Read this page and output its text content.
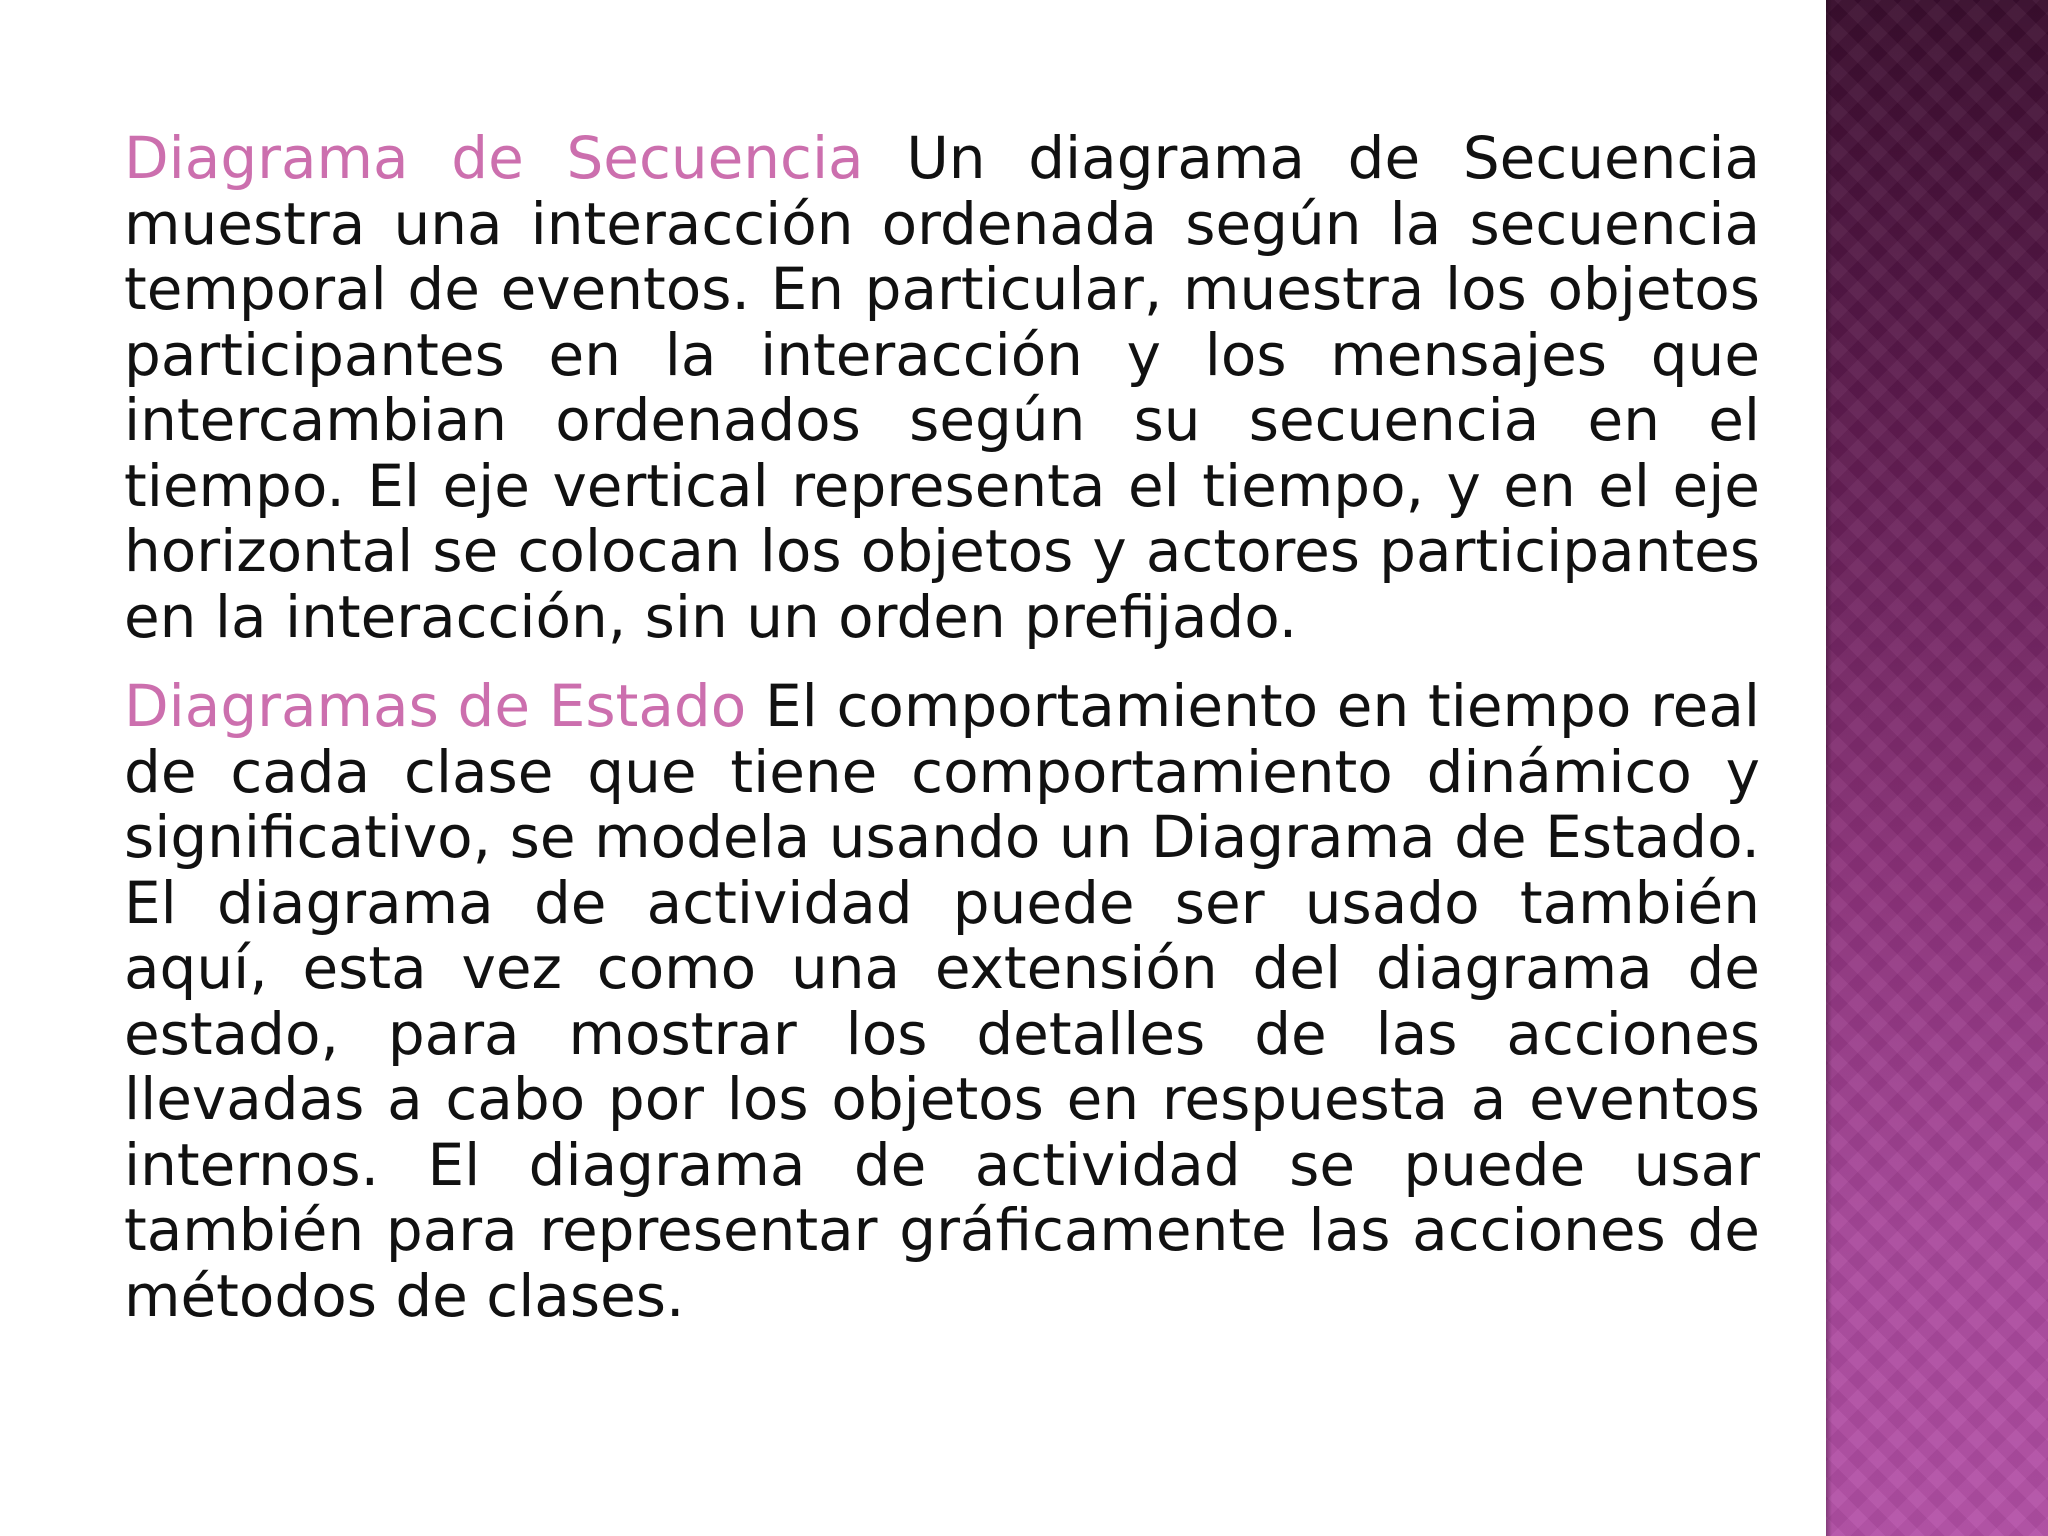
Diagrama de Secuencia Un diagrama de Secuencia muestra una interacción ordenada según la secuencia temporal de eventos. En particular, muestra los objetos participantes en la interacción y los mensajes que intercambian ordenados según su secuencia en el tiempo. El eje vertical representa el tiempo, y en el eje horizontal se colocan los objetos y actores participantes en la interacción, sin un orden prefijado.

Diagramas de Estado El comportamiento en tiempo real de cada clase que tiene comportamiento dinámico y significativo, se modela usando un Diagrama de Estado. El diagrama de actividad puede ser usado también aquí, esta vez como una extensión del diagrama de estado, para mostrar los detalles de las acciones llevadas a cabo por los objetos en respuesta a eventos internos. El diagrama de actividad se puede usar también para representar gráficamente las acciones de métodos de clases.
